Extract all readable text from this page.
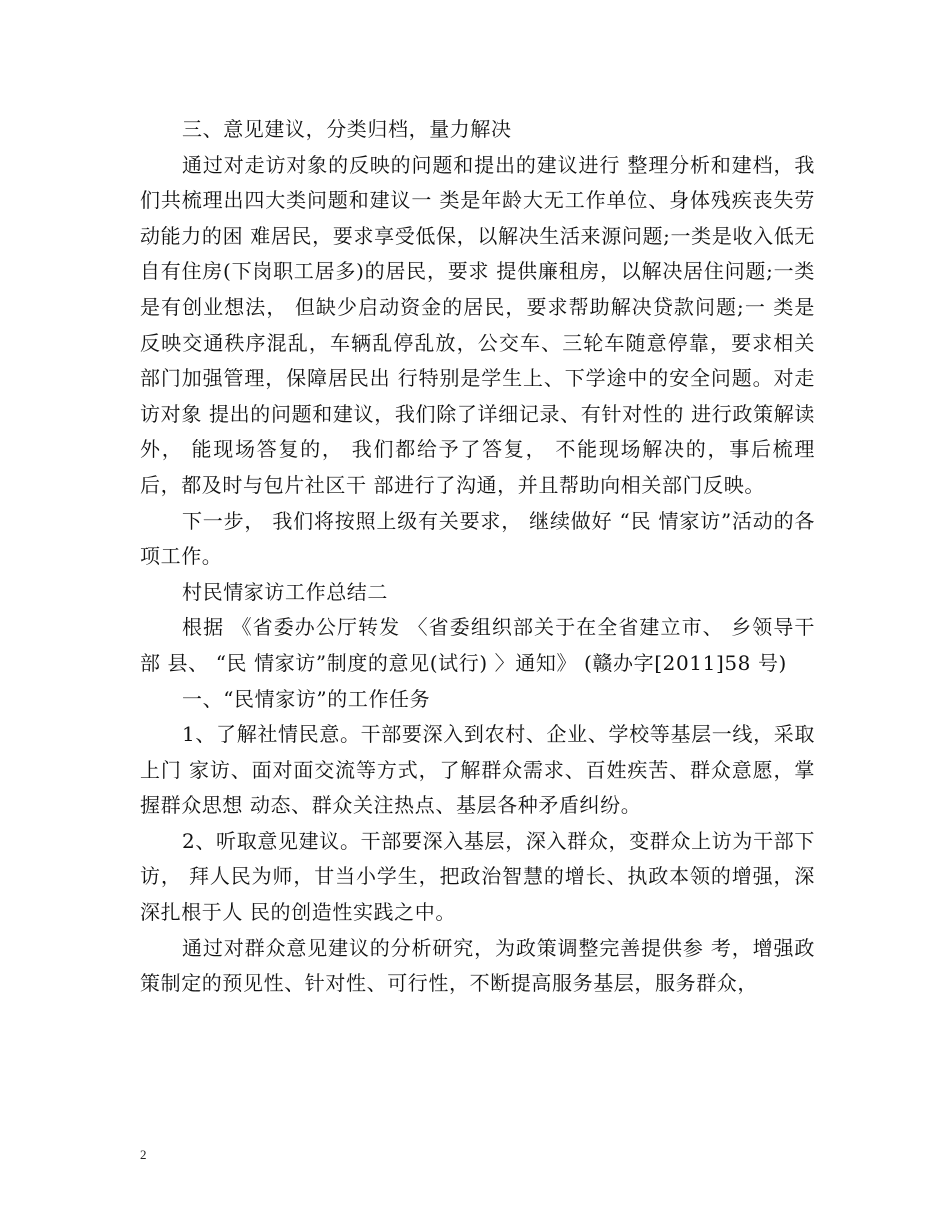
三、意见建议，分类归档，量力解决

通过对走访对象的反映的问题和提出的建议进行 整理分析和建档，我们共梳理出四大类问题和建议一 类是年龄大无工作单位、身体残疾丧失劳动能力的困 难居民，要求享受低保，以解决生活来源问题;一类是收入低无自有住房(下岗职工居多)的居民，要求 提供廉租房，以解决居住问题;一类是有创业想法， 但缺少启动资金的居民，要求帮助解决贷款问题;一 类是反映交通秩序混乱，车辆乱停乱放，公交车、三轮车随意停靠，要求相关部门加强管理，保障居民出 行特别是学生上、下学途中的安全问题。对走访对象 提出的问题和建议，我们除了详细记录、有针对性的 进行政策解读外， 能现场答复的， 我们都给予了答复， 不能现场解决的，事后梳理后，都及时与包片社区干 部进行了沟通，并且帮助向相关部门反映。

下一步， 我们将按照上级有关要求， 继续做好 “民 情家访”活动的各项工作。

村民情家访工作总结二

根据 《省委办公厅转发 〈省委组织部关于在全省建立市、 乡领导干部 县、 “民 情家访”制度的意见(试行) 〉通知》 (赣办字[2011]58 号)

一、“民情家访”的工作任务

1、了解社情民意。干部要深入到农村、企业、学校等基层一线，采取上门 家访、面对面交流等方式，了解群众需求、百姓疾苦、群众意愿，掌握群众思想 动态、群众关注热点、基层各种矛盾纠纷。

2、听取意见建议。干部要深入基层，深入群众，变群众上访为干部下访， 拜人民为师，甘当小学生，把政治智慧的增长、执政本领的增强，深深扎根于人 民的创造性实践之中。

通过对群众意见建议的分析研究，为政策调整完善提供参 考，增强政策制定的预见性、针对性、可行性，不断提高服务基层，服务群众，

2
